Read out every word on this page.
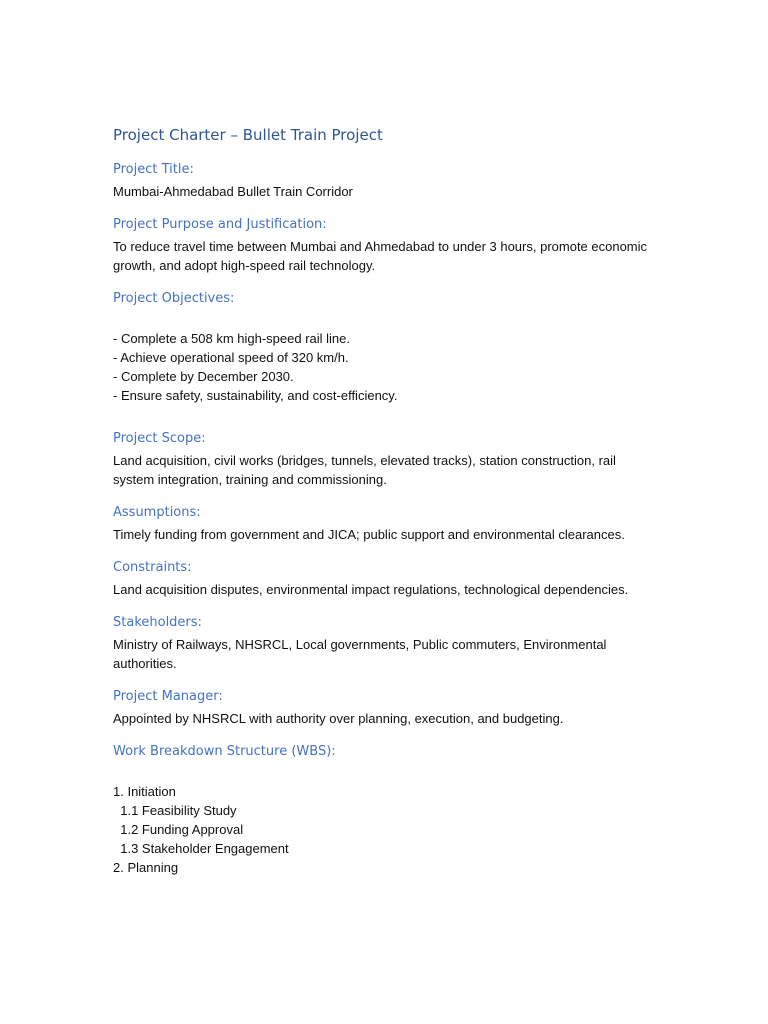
Project Charter – Bullet Train Project
Project Title:
Mumbai-Ahmedabad Bullet Train Corridor
Project Purpose and Justification:
To reduce travel time between Mumbai and Ahmedabad to under 3 hours, promote economic growth, and adopt high-speed rail technology.
Project Objectives:
- Complete a 508 km high-speed rail line.
- Achieve operational speed of 320 km/h.
- Complete by December 2030.
- Ensure safety, sustainability, and cost-efficiency.
Project Scope:
Land acquisition, civil works (bridges, tunnels, elevated tracks), station construction, rail system integration, training and commissioning.
Assumptions:
Timely funding from government and JICA; public support and environmental clearances.
Constraints:
Land acquisition disputes, environmental impact regulations, technological dependencies.
Stakeholders:
Ministry of Railways, NHSRCL, Local governments, Public commuters, Environmental authorities.
Project Manager:
Appointed by NHSRCL with authority over planning, execution, and budgeting.
Work Breakdown Structure (WBS):
1. Initiation
1.1 Feasibility Study
1.2 Funding Approval
1.3 Stakeholder Engagement
2. Planning
